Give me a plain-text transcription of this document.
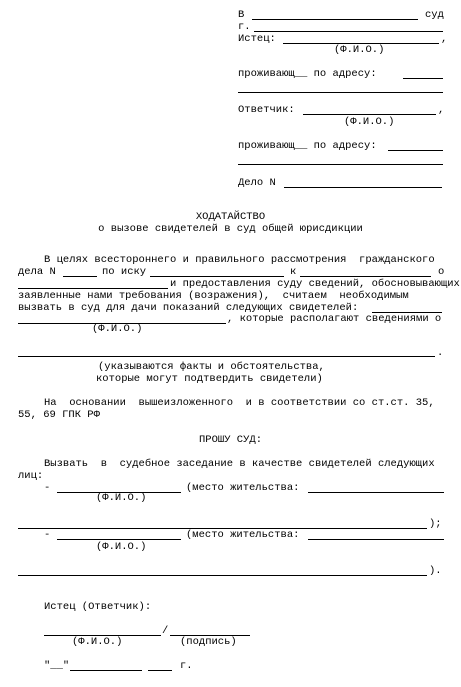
В	суд
г.
Истец:	,
(Ф.И.О.)
проживающ__ по адресу:
Ответчик:	,
(Ф.И.О.)
проживающ__ по адресу:
Дело N
ХОДАТАЙСТВО
о вызове свидетелей в суд общей юрисдикции
В целях всестороннего и правильного рассмотрения  гражданского
дела N	по иску	к	о
и предоставления суду сведений, обосновывающих
заявленные нами требования (возражения),  считаем  необходимым
вызвать в суд для дачи показаний следующих свидетелей:
, которые располагают сведениями о
(Ф.И.О.)
.
(указываются факты и обстоятельства,
которые могут подтвердить свидетели)
На  основании  вышеизложенного  и в соответствии со ст.ст. 35,
55, 69 ГПК РФ
ПРОШУ СУД:
Вызвать  в  судебное заседание в качестве свидетелей следующих
лиц:
-	(место жительства:
(Ф.И.О.)
);
-	(место жительства:
(Ф.И.О.)
).
Истец (Ответчик):
/
(Ф.И.О.)	(подпись)
"__"	г.
